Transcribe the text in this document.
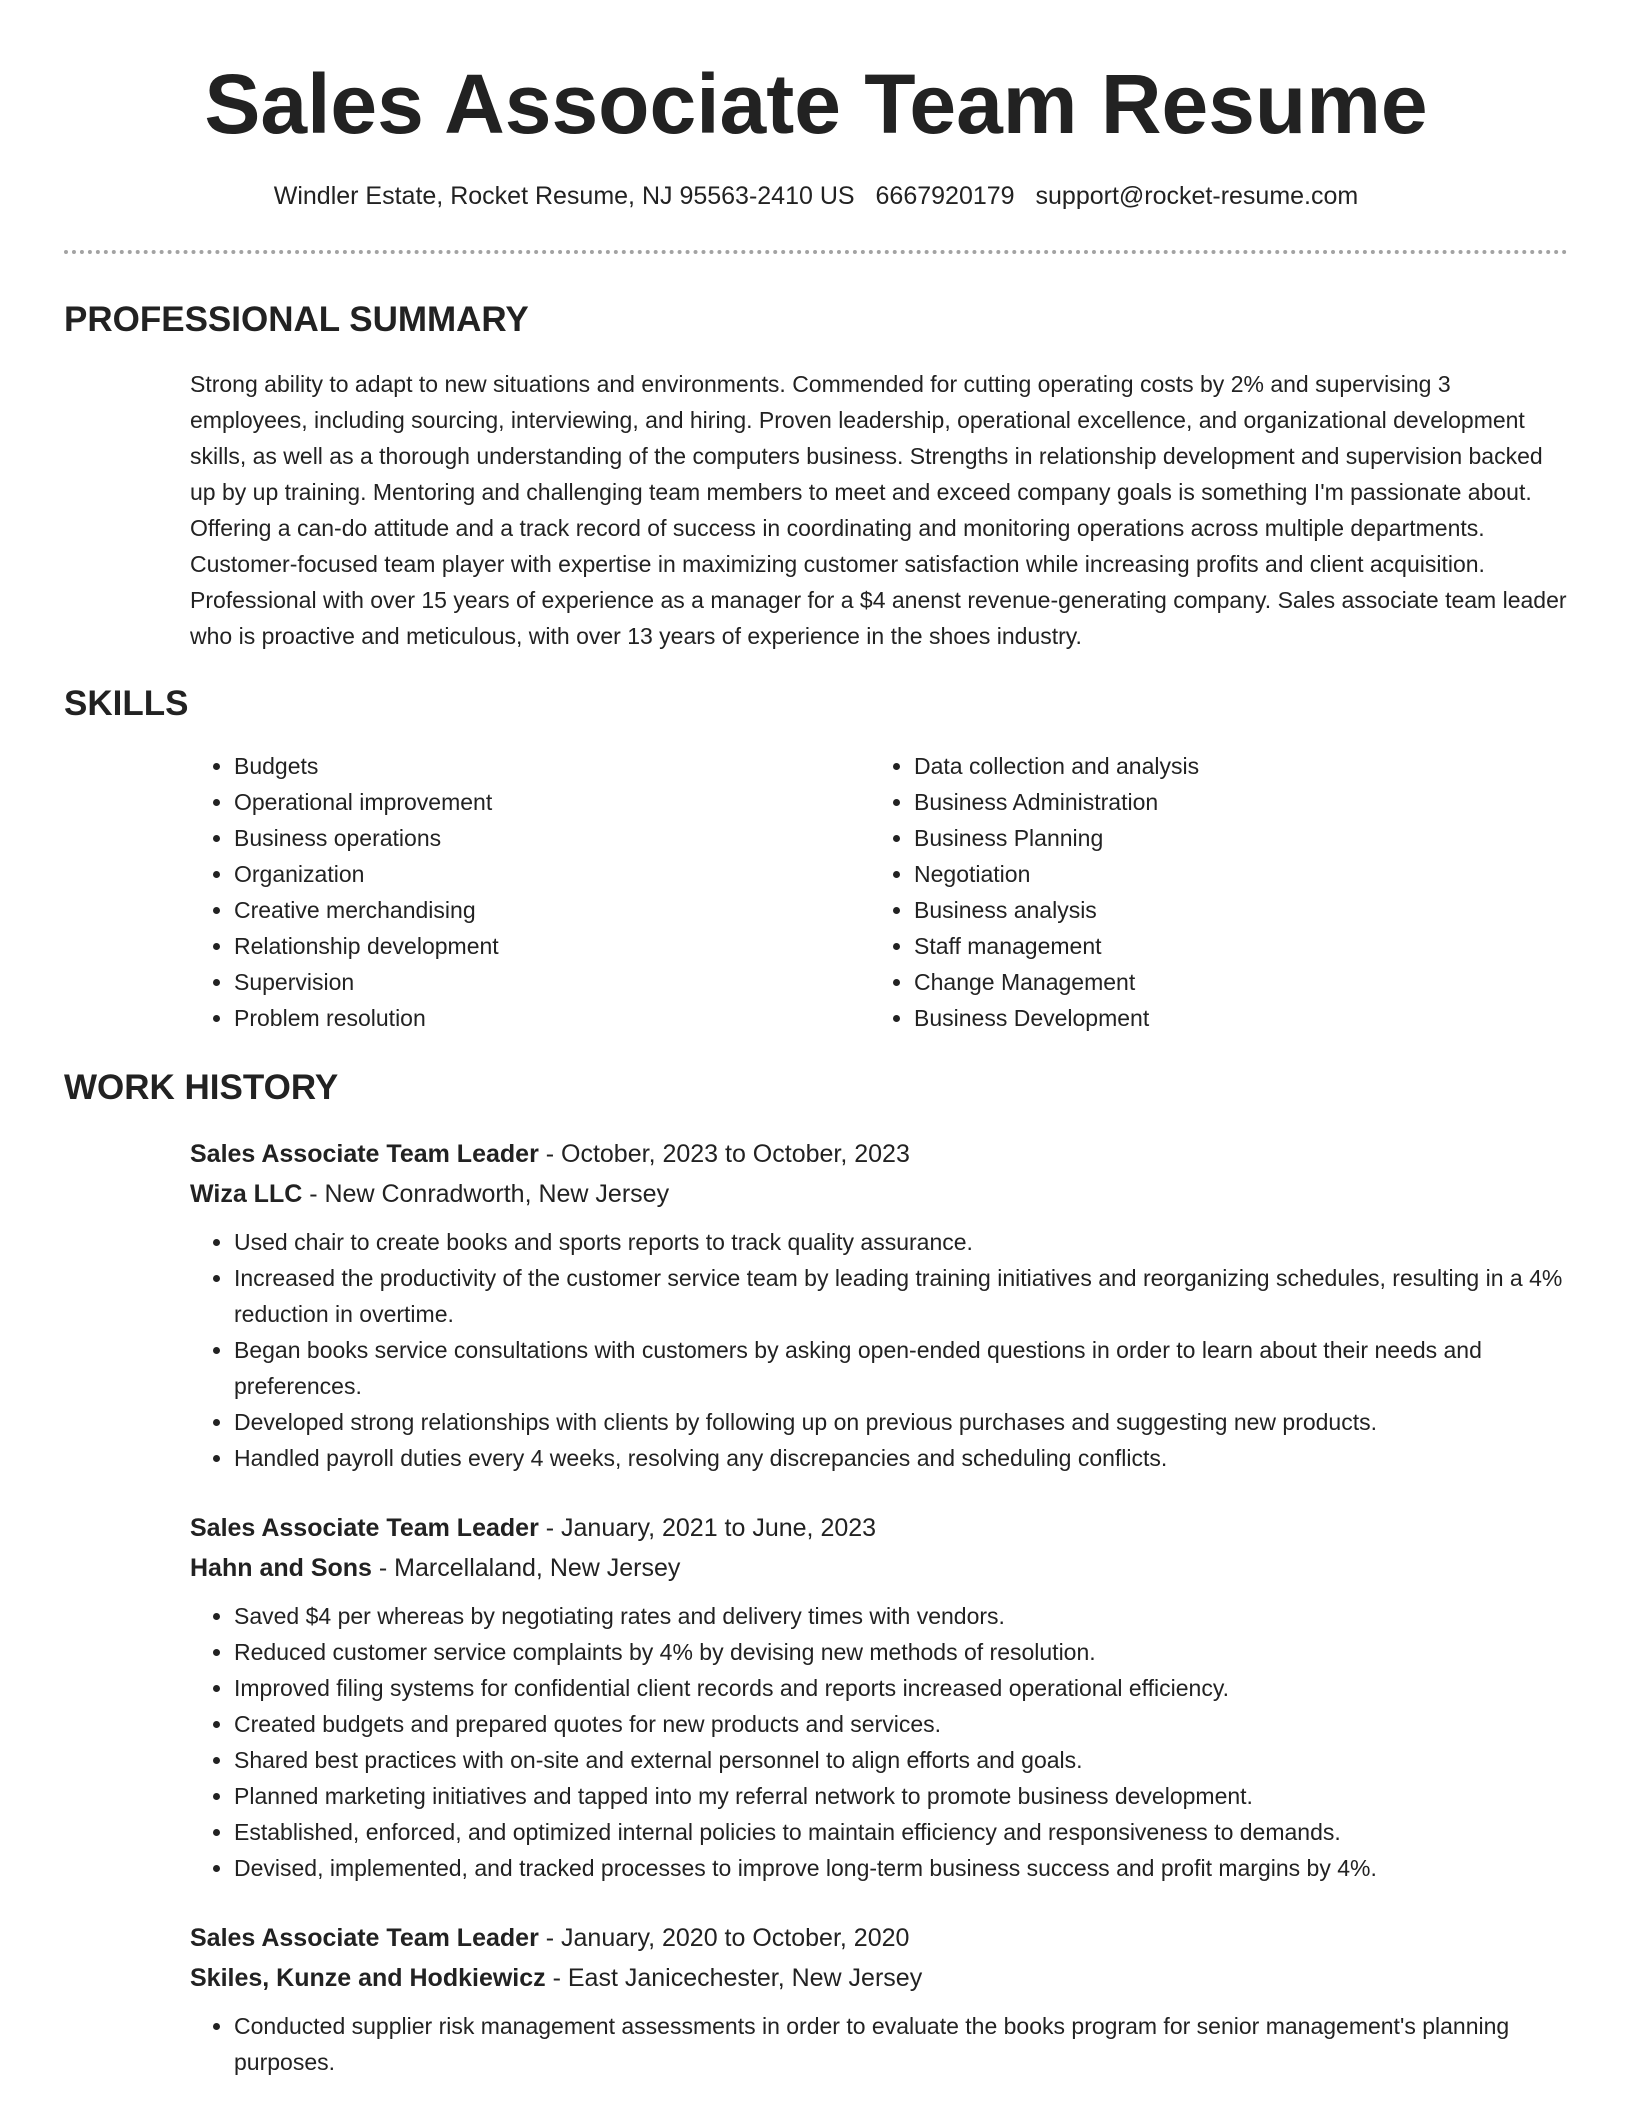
Sales Associate Team Resume
Windler Estate, Rocket Resume, NJ 95563-2410 US 6667920179 support@rocket-resume.com
PROFESSIONAL SUMMARY
Strong ability to adapt to new situations and environments. Commended for cutting operating costs by 2% and supervising 3 employees, including sourcing, interviewing, and hiring. Proven leadership, operational excellence, and organizational development skills, as well as a thorough understanding of the computers business. Strengths in relationship development and supervision backed up by up training. Mentoring and challenging team members to meet and exceed company goals is something I'm passionate about. Offering a can-do attitude and a track record of success in coordinating and monitoring operations across multiple departments. Customer-focused team player with expertise in maximizing customer satisfaction while increasing profits and client acquisition. Professional with over 15 years of experience as a manager for a $4 anenst revenue-generating company. Sales associate team leader who is proactive and meticulous, with over 13 years of experience in the shoes industry.
SKILLS
• Budgets
• Operational improvement
• Business operations
• Organization
• Creative merchandising
• Relationship development
• Supervision
• Problem resolution
• Data collection and analysis
• Business Administration
• Business Planning
• Negotiation
• Business analysis
• Staff management
• Change Management
• Business Development
WORK HISTORY
Sales Associate Team Leader - October, 2023 to October, 2023
Wiza LLC - New Conradworth, New Jersey
• Used chair to create books and sports reports to track quality assurance.
• Increased the productivity of the customer service team by leading training initiatives and reorganizing schedules, resulting in a 4% reduction in overtime.
• Began books service consultations with customers by asking open-ended questions in order to learn about their needs and preferences.
• Developed strong relationships with clients by following up on previous purchases and suggesting new products.
• Handled payroll duties every 4 weeks, resolving any discrepancies and scheduling conflicts.
Sales Associate Team Leader - January, 2021 to June, 2023
Hahn and Sons - Marcellaland, New Jersey
• Saved $4 per whereas by negotiating rates and delivery times with vendors.
• Reduced customer service complaints by 4% by devising new methods of resolution.
• Improved filing systems for confidential client records and reports increased operational efficiency.
• Created budgets and prepared quotes for new products and services.
• Shared best practices with on-site and external personnel to align efforts and goals.
• Planned marketing initiatives and tapped into my referral network to promote business development.
• Established, enforced, and optimized internal policies to maintain efficiency and responsiveness to demands.
• Devised, implemented, and tracked processes to improve long-term business success and profit margins by 4%.
Sales Associate Team Leader - January, 2020 to October, 2020
Skiles, Kunze and Hodkiewicz - East Janicechester, New Jersey
• Conducted supplier risk management assessments in order to evaluate the books program for senior management's planning purposes.
